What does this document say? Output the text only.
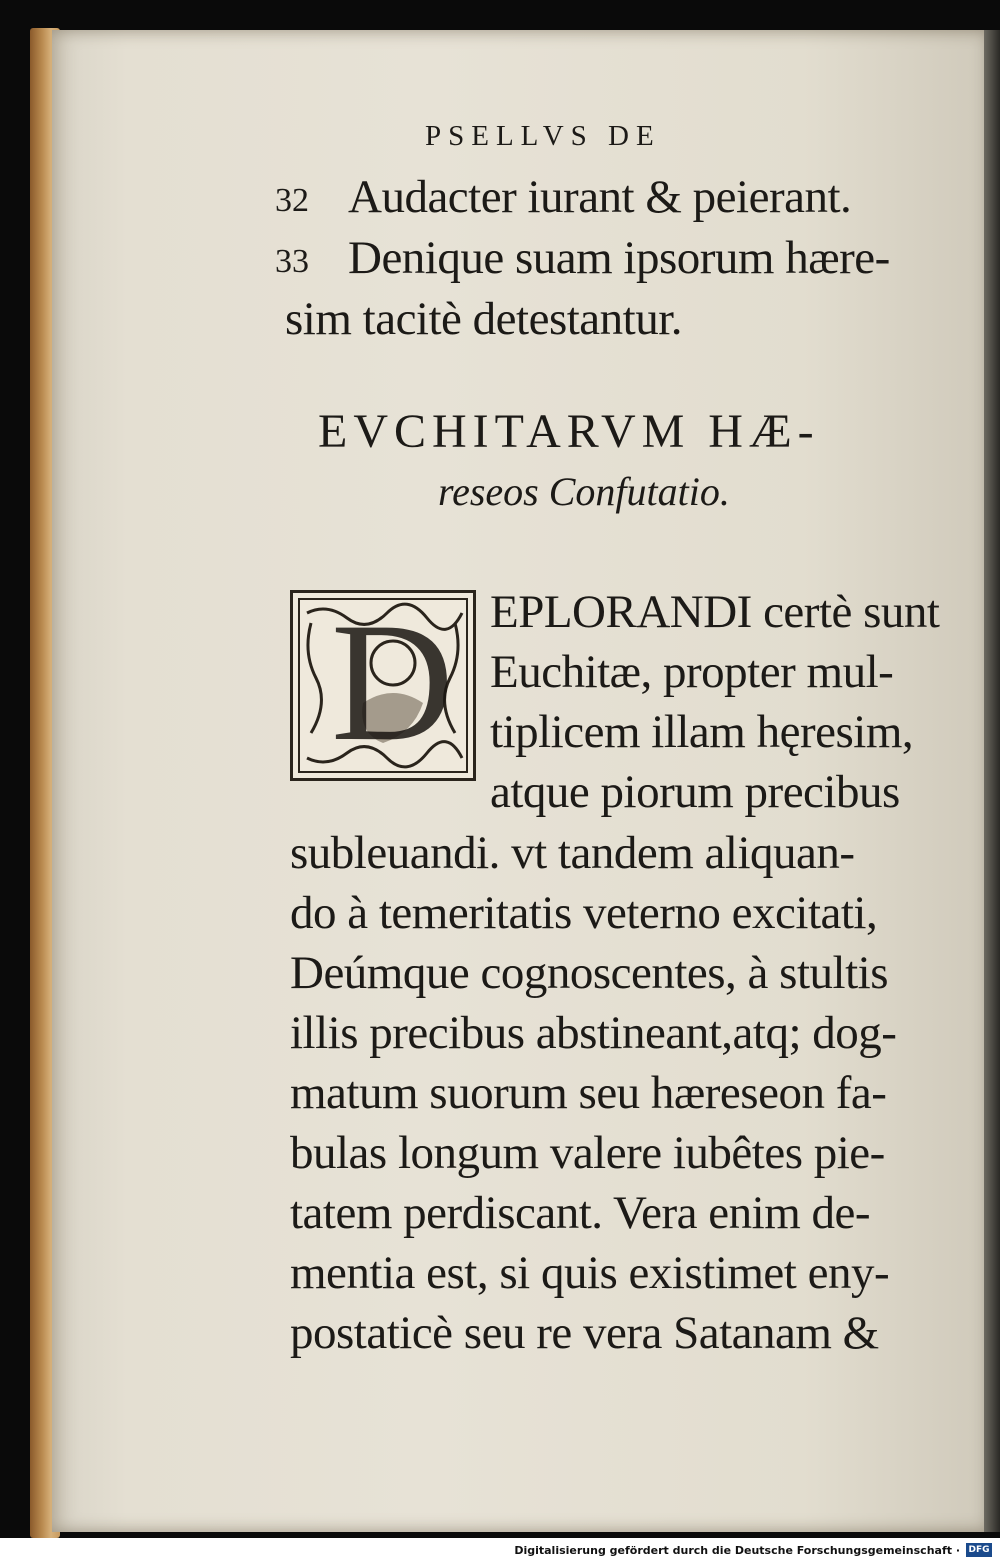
PSELLVS DE
32 Audacter iurant & peierant.
33 Denique suam ipsorum hære-
sim tacitè detestantur.
EVCHITARVM HÆ-
reseos Confutatio.
D EPLORANDI certè sunt
Euchitæ, propter mul-
tiplicem illam hęresim,
atque piorum precibus
subleuandi. vt tandem aliquan-
do à temeritatis veterno excitati,
Deúmque cognoscentes, à stultis
illis precibus abstineant,atq; dog-
matum suorum seu hæreseon fa-
bulas longum valere iubêtes pie-
tatem perdiscant. Vera enim de-
mentia est, si quis existimet eny-
postaticè seu re vera Satanam &
Digitalisierung gefördert durch die Deutsche Forschungsgemeinschaft · DFG
